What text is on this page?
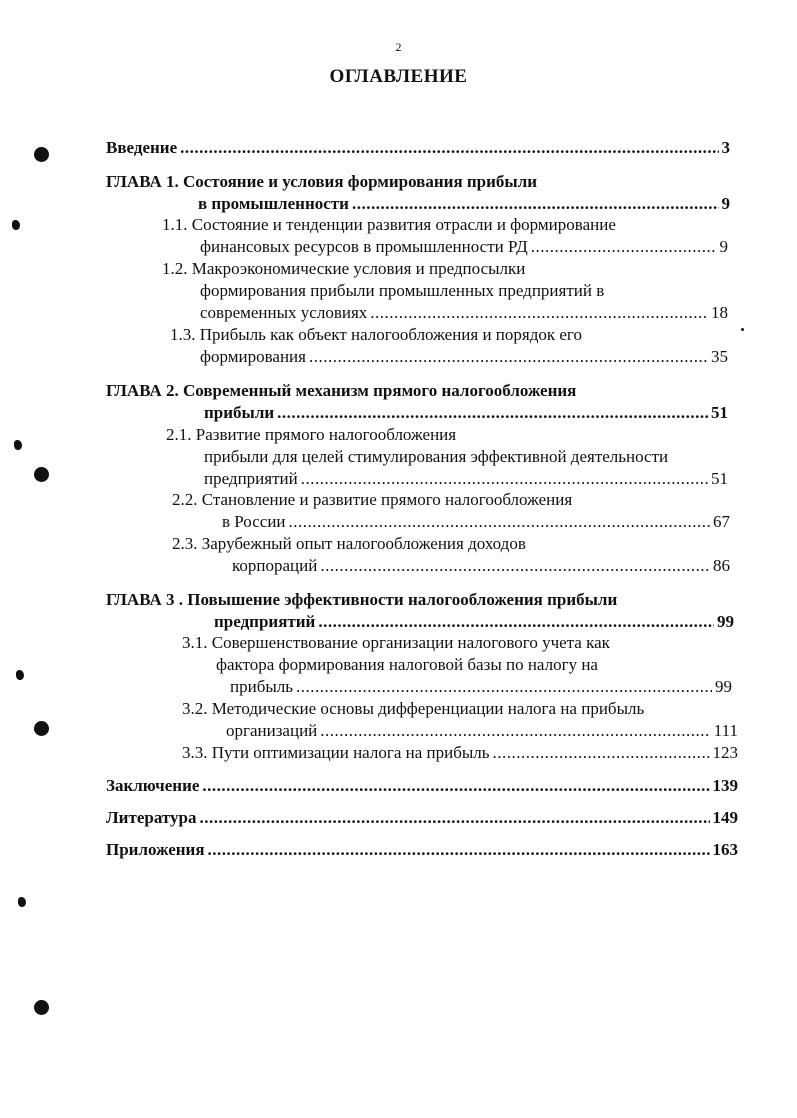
2
ОГЛАВЛЕНИЕ
Введение .....	3
ГЛАВА 1. Состояние и условия формирования прибыли
в промышленности .....	9
1.1. Состояние и тенденции развития отрасли и формирование
финансовых ресурсов в промышленности РД .....	9
1.2. Макроэкономические условия и предпосылки
формирования прибыли промышленных предприятий в
современных условиях .....	18
1.3. Прибыль как объект налогообложения и порядок его
формирования .....	35
ГЛАВА 2. Современный механизм прямого налогообложения
прибыли .....	51
2.1. Развитие прямого налогообложения
прибыли для целей стимулирования эффективной деятельности
предприятий .....	51
2.2. Становление и развитие прямого налогообложения
в России .....	67
2.3. Зарубежный опыт налогообложения доходов
корпораций .....	86
ГЛАВА 3 . Повышение эффективности налогообложения прибыли
предприятий .....	99
3.1. Совершенствование организации налогового учета как
фактора формирования налоговой базы по налогу на
прибыль .....	99
3.2. Методические основы дифференциации налога на прибыль
организаций .....	111
3.3. Пути оптимизации налога на прибыль .....	123
Заключение .....	139
Литература .....	149
Приложения .....	163
